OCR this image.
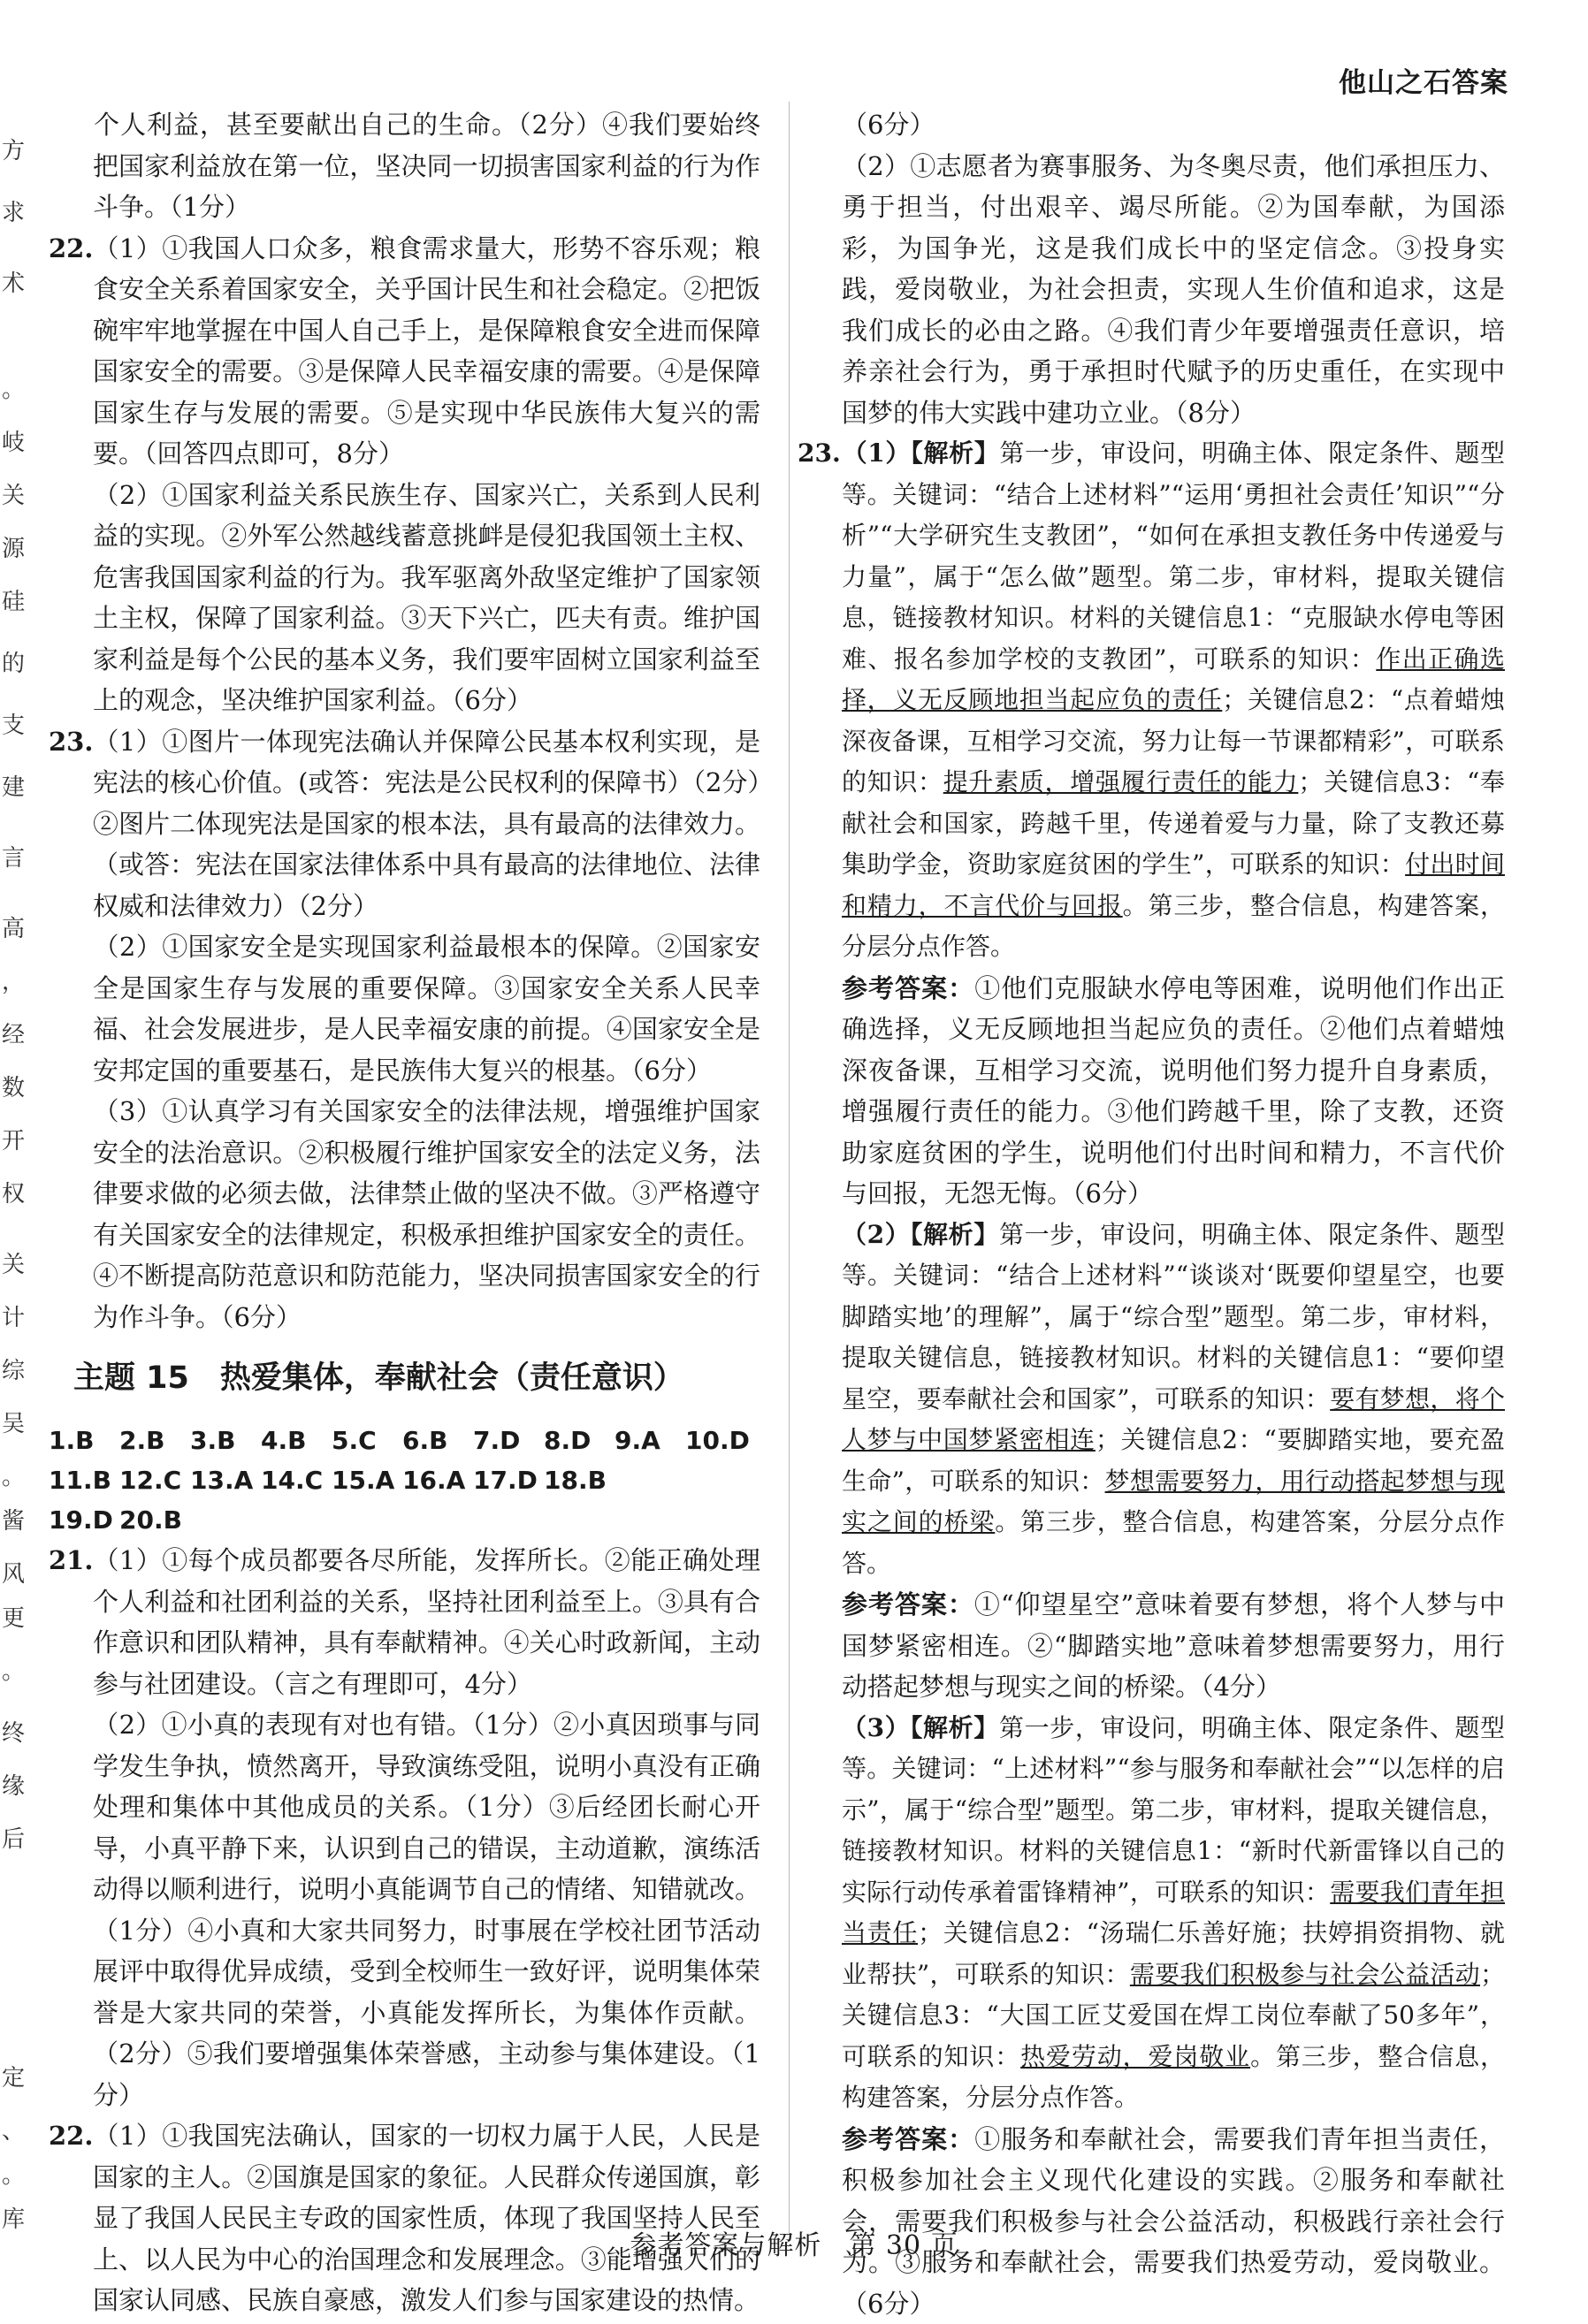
他山之石答案
方
求
术
。
岐
关
源
硅
的
支
建
言
高
，
经
数
开
权
关
计
综
吴
。
酱
风
更
。
终
缘
后
定
、
。
库

个人利益，甚至要献出自己的生命。（2分）④我们要始终把国家利益放在第一位，坚决同一切损害国家利益的行为作斗争。（1分）

22.（1）①我国人口众多，粮食需求量大，形势不容乐观；粮食安全关系着国家安全，关乎国计民生和社会稳定。②把饭碗牢牢地掌握在中国人自己手上，是保障粮食安全进而保障国家安全的需要。③是保障人民幸福安康的需要。④是保障国家生存与发展的需要。⑤是实现中华民族伟大复兴的需要。（回答四点即可，8分）

（2）①国家利益关系民族生存、国家兴亡，关系到人民利益的实现。②外军公然越线蓄意挑衅是侵犯我国领土主权、危害我国国家利益的行为。我军驱离外敌坚定维护了国家领土主权，保障了国家利益。③天下兴亡，匹夫有责。维护国家利益是每个公民的基本义务，我们要牢固树立国家利益至上的观念，坚决维护国家利益。（6分）

23.（1）①图片一体现宪法确认并保障公民基本权利实现，是宪法的核心价值。(或答：宪法是公民权利的保障书）（2分）②图片二体现宪法是国家的根本法，具有最高的法律效力。（或答：宪法在国家法律体系中具有最高的法律地位、法律权威和法律效力）（2分）

（2）①国家安全是实现国家利益最根本的保障。②国家安全是国家生存与发展的重要保障。③国家安全关系人民幸福、社会发展进步，是人民幸福安康的前提。④国家安全是安邦定国的重要基石，是民族伟大复兴的根基。（6分）

（3）①认真学习有关国家安全的法律法规，增强维护国家安全的法治意识。②积极履行维护国家安全的法定义务，法律要求做的必须去做，法律禁止做的坚决不做。③严格遵守有关国家安全的法律规定，积极承担维护国家安全的责任。④不断提高防范意识和防范能力，坚决同损害国家安全的行为作斗争。（6分）

主题 15　热爱集体，奉献社会（责任意识）

1.B 2.B 3.B 4.B 5.C 6.B 7.D 8.D 9.A 10.D

11.B 12.C 13.A 14.C 15.A 16.A 17.D 18.B

19.D 20.B

21.（1）①每个成员都要各尽所能，发挥所长。②能正确处理个人利益和社团利益的关系，坚持社团利益至上。③具有合作意识和团队精神，具有奉献精神。④关心时政新闻，主动参与社团建设。（言之有理即可，4分）

（2）①小真的表现有对也有错。（1分）②小真因琐事与同学发生争执，愤然离开，导致演练受阻，说明小真没有正确处理和集体中其他成员的关系。（1分）③后经团长耐心开导，小真平静下来，认识到自己的错误，主动道歉，演练活动得以顺利进行，说明小真能调节自己的情绪、知错就改。（1分）④小真和大家共同努力，时事展在学校社团节活动展评中取得优异成绩，受到全校师生一致好评，说明集体荣誉是大家共同的荣誉，小真能发挥所长，为集体作贡献。（2分）⑤我们要增强集体荣誉感，主动参与集体建设。（1分）

22.（1）①我国宪法确认，国家的一切权力属于人民，人民是国家的主人。②国旗是国家的象征。人民群众传递国旗，彰显了我国人民民主专政的国家性质，体现了我国坚持人民至上、以人民为中心的治国理念和发展理念。③能增强人们的国家认同感、民族自豪感，激发人们参与国家建设的热情。

（6分）

（2）①志愿者为赛事服务、为冬奥尽责，他们承担压力、勇于担当，付出艰辛、竭尽所能。②为国奉献，为国添彩，为国争光，这是我们成长中的坚定信念。③投身实践，爱岗敬业，为社会担责，实现人生价值和追求，这是我们成长的必由之路。④我们青少年要增强责任意识，培养亲社会行为，勇于承担时代赋予的历史重任，在实现中国梦的伟大实践中建功立业。（8分）

23.（1）【解析】第一步，审设问，明确主体、限定条件、题型等。关键词：“结合上述材料”“运用‘勇担社会责任’知识”“分析”“大学研究生支教团”，“如何在承担支教任务中传递爱与力量”，属于“怎么做”题型。第二步，审材料，提取关键信息，链接教材知识。材料的关键信息1：“克服缺水停电等困难、报名参加学校的支教团”，可联系的知识：作出正确选择，义无反顾地担当起应负的责任；关键信息2：“点着蜡烛深夜备课，互相学习交流，努力让每一节课都精彩”，可联系的知识：提升素质，增强履行责任的能力；关键信息3：“奉献社会和国家，跨越千里，传递着爱与力量，除了支教还募集助学金，资助家庭贫困的学生”，可联系的知识：付出时间和精力，不言代价与回报。第三步，整合信息，构建答案，分层分点作答。

参考答案：①他们克服缺水停电等困难，说明他们作出正确选择，义无反顾地担当起应负的责任。②他们点着蜡烛深夜备课，互相学习交流，说明他们努力提升自身素质，增强履行责任的能力。③他们跨越千里，除了支教，还资助家庭贫困的学生，说明他们付出时间和精力，不言代价与回报，无怨无悔。（6分）

（2）【解析】第一步，审设问，明确主体、限定条件、题型等。关键词：“结合上述材料”“谈谈对‘既要仰望星空，也要脚踏实地’的理解”，属于“综合型”题型。第二步，审材料，提取关键信息，链接教材知识。材料的关键信息1：“要仰望星空，要奉献社会和国家”，可联系的知识：要有梦想，将个人梦与中国梦紧密相连；关键信息2：“要脚踏实地，要充盈生命”，可联系的知识：梦想需要努力，用行动搭起梦想与现实之间的桥梁。第三步，整合信息，构建答案，分层分点作答。

参考答案：①“仰望星空”意味着要有梦想，将个人梦与中国梦紧密相连。②“脚踏实地”意味着梦想需要努力，用行动搭起梦想与现实之间的桥梁。（4分）

（3）【解析】第一步，审设问，明确主体、限定条件、题型等。关键词：“上述材料”“参与服务和奉献社会”“以怎样的启示”，属于“综合型”题型。第二步，审材料，提取关键信息，链接教材知识。材料的关键信息1：“新时代新雷锋以自己的实际行动传承着雷锋精神”，可联系的知识：需要我们青年担当责任；关键信息2：“汤瑞仁乐善好施；扶婷捐资捐物、就业帮扶”，可联系的知识：需要我们积极参与社会公益活动；关键信息3：“大国工匠艾爱国在焊工岗位奉献了50多年”，可联系的知识：热爱劳动，爱岗敬业。第三步，整合信息，构建答案，分层分点作答。

参考答案：①服务和奉献社会，需要我们青年担当责任，积极参加社会主义现代化建设的实践。②服务和奉献社会，需要我们积极参与社会公益活动，积极践行亲社会行为。③服务和奉献社会，需要我们热爱劳动，爱岗敬业。（6分）

参考答案与解析　第 30 页
